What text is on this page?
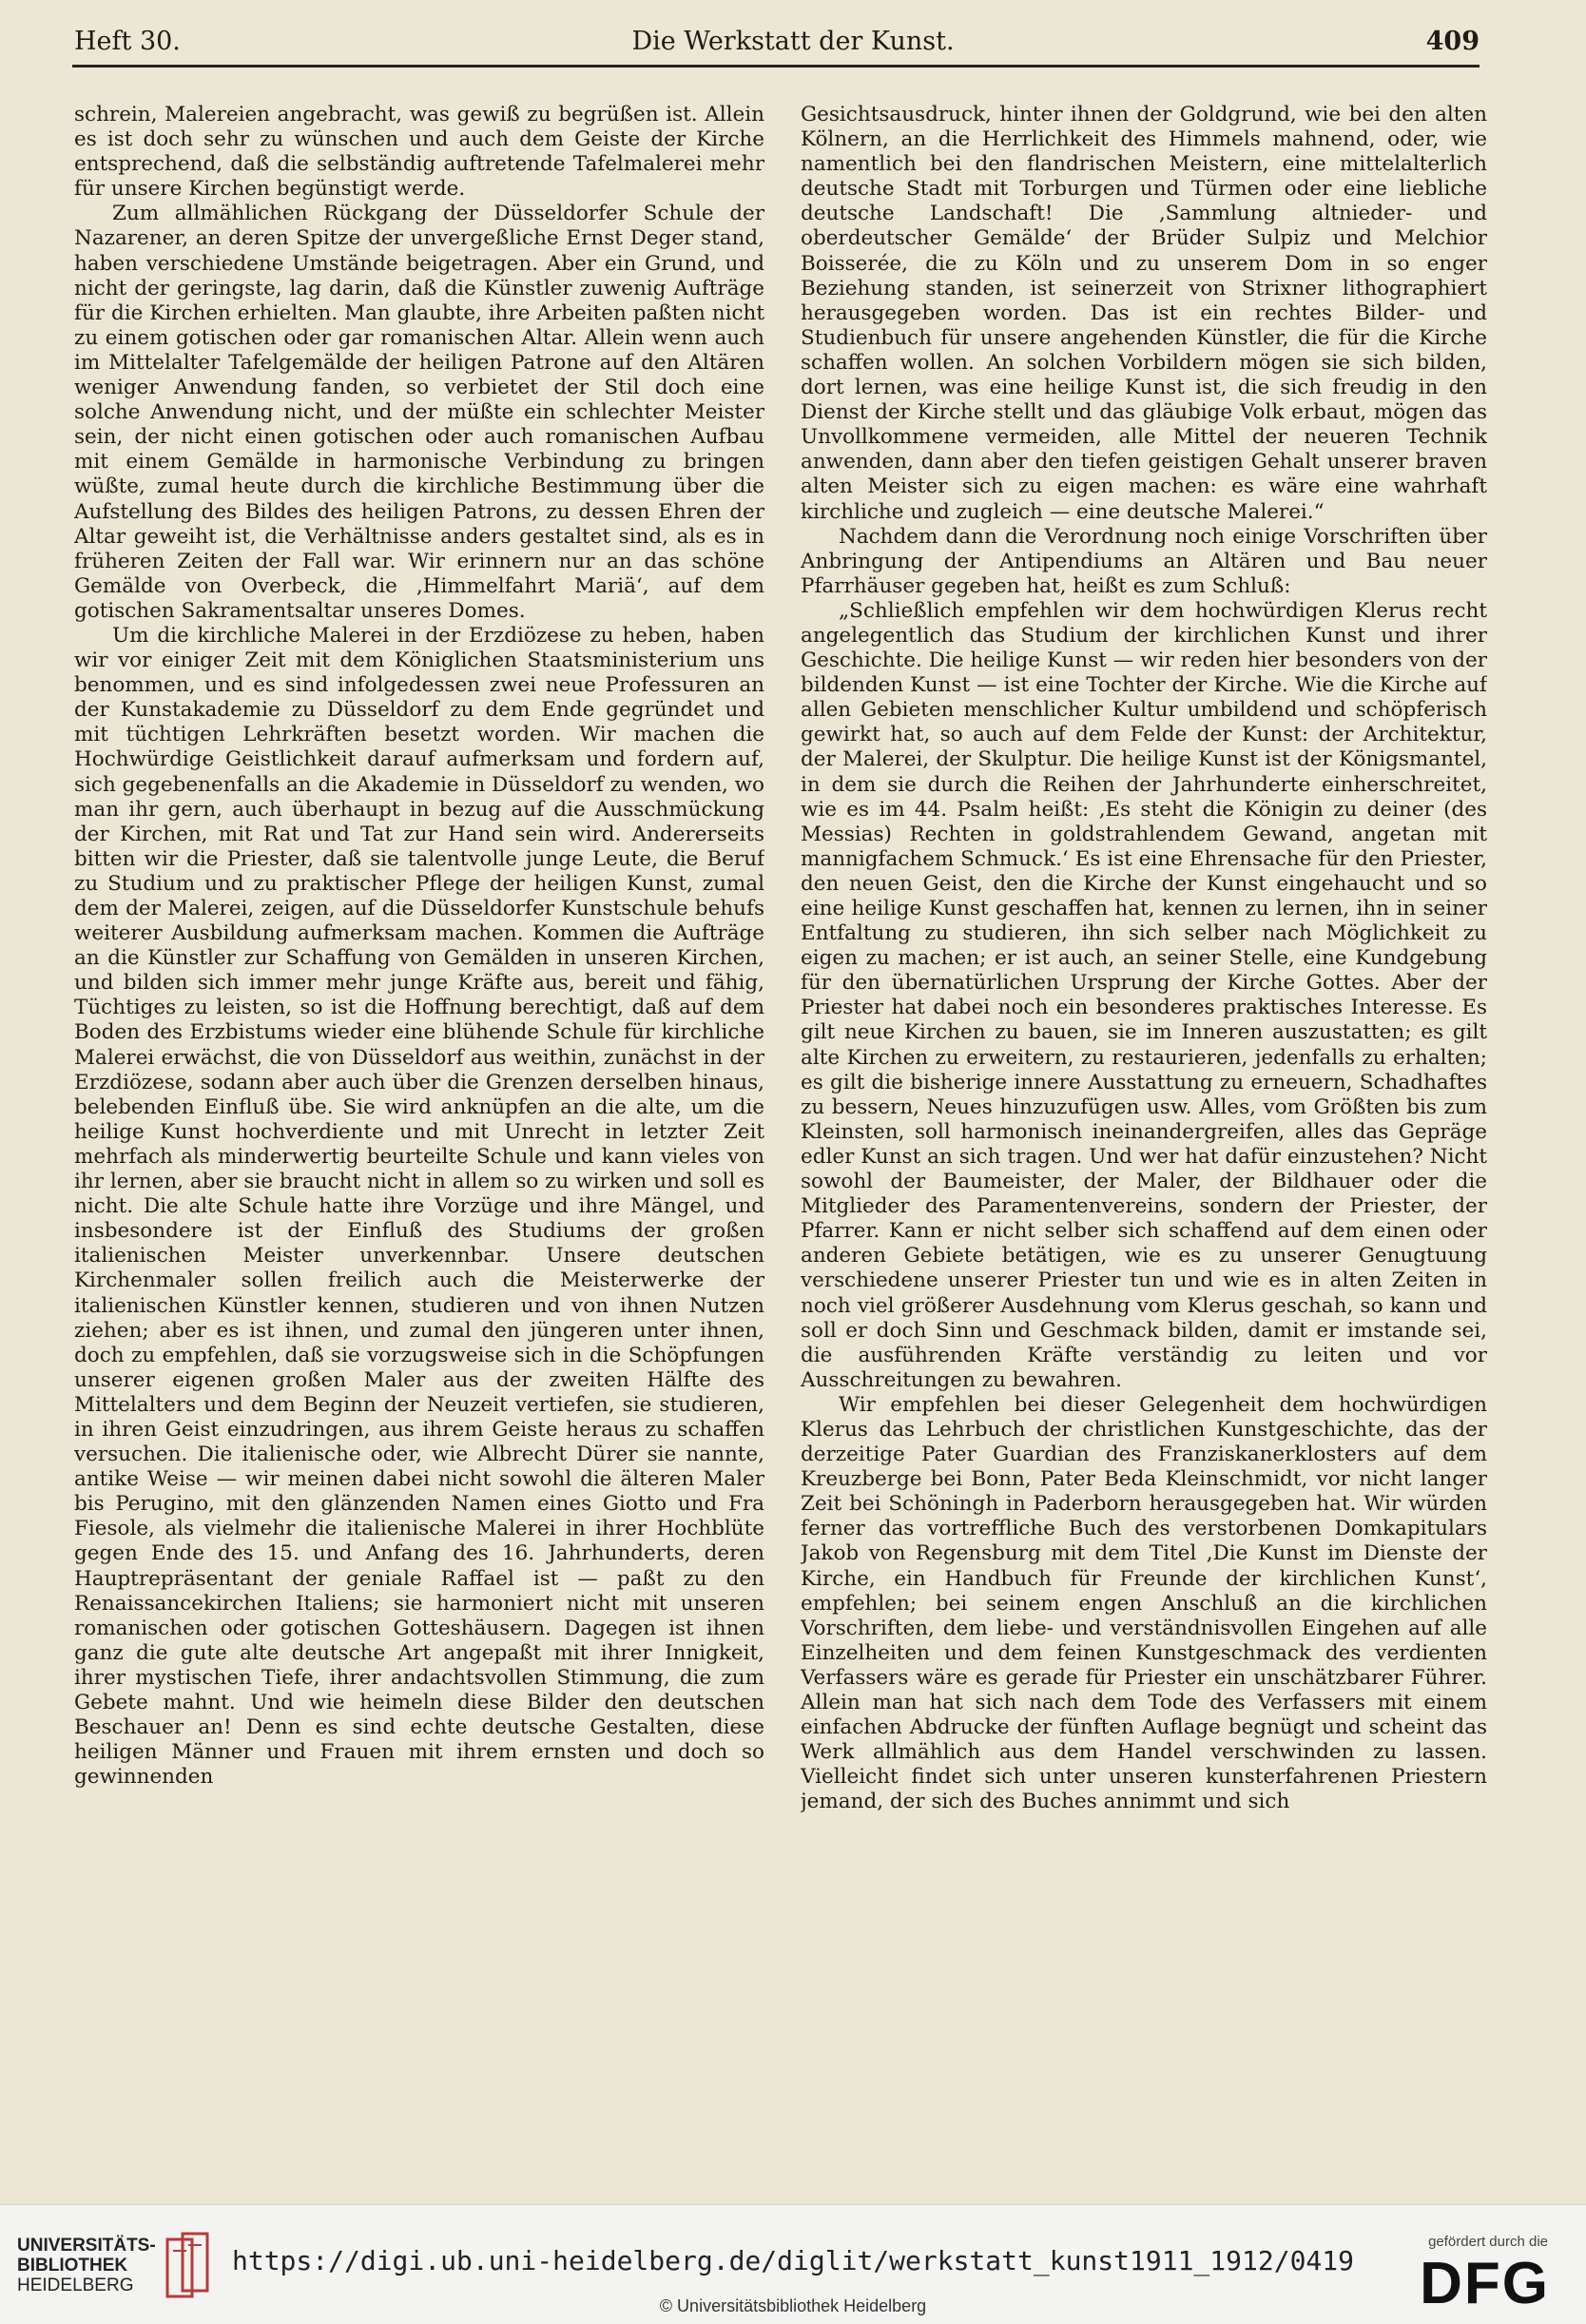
Heft 30.	Die Werkstatt der Kunst.	409

schrein, Malereien angebracht, was gewiß zu begrüßen ist. Allein es ist doch sehr zu wünschen und auch dem Geiste der Kirche entsprechend, daß die selbständig auftretende Tafelmalerei mehr für unsere Kirchen begünstigt werde.

Zum allmählichen Rückgang der Düsseldorfer Schule der Nazarener, an deren Spitze der unvergeßliche Ernst Deger stand, haben verschiedene Umstände beigetragen. Aber ein Grund, und nicht der geringste, lag darin, daß die Künstler zuwenig Aufträge für die Kirchen erhielten. Man glaubte, ihre Arbeiten paßten nicht zu einem gotischen oder gar romanischen Altar. Allein wenn auch im Mittelalter Tafelgemälde der heiligen Patrone auf den Altären weniger Anwendung fanden, so verbietet der Stil doch eine solche Anwendung nicht, und der müßte ein schlechter Meister sein, der nicht einen gotischen oder auch romanischen Aufbau mit einem Gemälde in harmonische Verbindung zu bringen wüßte, zumal heute durch die kirchliche Bestimmung über die Aufstellung des Bildes des heiligen Patrons, zu dessen Ehren der Altar geweiht ist, die Verhältnisse anders gestaltet sind, als es in früheren Zeiten der Fall war. Wir erinnern nur an das schöne Gemälde von Overbeck, die ‚Himmelfahrt Mariä‘, auf dem gotischen Sakramentsaltar unseres Domes.

Um die kirchliche Malerei in der Erzdiözese zu heben, haben wir vor einiger Zeit mit dem Königlichen Staatsministerium uns benommen, und es sind infolgedessen zwei neue Professuren an der Kunstakademie zu Düsseldorf zu dem Ende gegründet und mit tüchtigen Lehrkräften besetzt worden. Wir machen die Hochwürdige Geistlichkeit darauf aufmerksam und fordern auf, sich gegebenenfalls an die Akademie in Düsseldorf zu wenden, wo man ihr gern, auch überhaupt in bezug auf die Ausschmückung der Kirchen, mit Rat und Tat zur Hand sein wird. Andererseits bitten wir die Priester, daß sie talentvolle junge Leute, die Beruf zu Studium und zu praktischer Pflege der heiligen Kunst, zumal dem der Malerei, zeigen, auf die Düsseldorfer Kunstschule behufs weiterer Ausbildung aufmerksam machen. Kommen die Aufträge an die Künstler zur Schaffung von Gemälden in unseren Kirchen, und bilden sich immer mehr junge Kräfte aus, bereit und fähig, Tüchtiges zu leisten, so ist die Hoffnung berechtigt, daß auf dem Boden des Erzbistums wieder eine blühende Schule für kirchliche Malerei erwächst, die von Düsseldorf aus weithin, zunächst in der Erzdiözese, sodann aber auch über die Grenzen derselben hinaus, belebenden Einfluß übe. Sie wird anknüpfen an die alte, um die heilige Kunst hochverdiente und mit Unrecht in letzter Zeit mehrfach als minderwertig beurteilte Schule und kann vieles von ihr lernen, aber sie braucht nicht in allem so zu wirken und soll es nicht. Die alte Schule hatte ihre Vorzüge und ihre Mängel, und insbesondere ist der Einfluß des Studiums der großen italienischen Meister unverkennbar. Unsere deutschen Kirchenmaler sollen freilich auch die Meisterwerke der italienischen Künstler kennen, studieren und von ihnen Nutzen ziehen; aber es ist ihnen, und zumal den jüngeren unter ihnen, doch zu empfehlen, daß sie vorzugsweise sich in die Schöpfungen unserer eigenen großen Maler aus der zweiten Hälfte des Mittelalters und dem Beginn der Neuzeit vertiefen, sie studieren, in ihren Geist einzudringen, aus ihrem Geiste heraus zu schaffen versuchen. Die italienische oder, wie Albrecht Dürer sie nannte, antike Weise — wir meinen dabei nicht sowohl die älteren Maler bis Perugino, mit den glänzenden Namen eines Giotto und Fra Fiesole, als vielmehr die italienische Malerei in ihrer Hochblüte gegen Ende des 15. und Anfang des 16. Jahrhunderts, deren Hauptrepräsentant der geniale Raffael ist — paßt zu den Renaissancekirchen Italiens; sie harmoniert nicht mit unseren romanischen oder gotischen Gotteshäusern. Dagegen ist ihnen ganz die gute alte deutsche Art angepaßt mit ihrer Innigkeit, ihrer mystischen Tiefe, ihrer andachtsvollen Stimmung, die zum Gebete mahnt. Und wie heimeln diese Bilder den deutschen Beschauer an! Denn es sind echte deutsche Gestalten, diese heiligen Männer und Frauen mit ihrem ernsten und doch so gewinnenden

Gesichtsausdruck, hinter ihnen der Goldgrund, wie bei den alten Kölnern, an die Herrlichkeit des Himmels mahnend, oder, wie namentlich bei den flandrischen Meistern, eine mittelalterlich deutsche Stadt mit Torburgen und Türmen oder eine liebliche deutsche Landschaft! Die ‚Sammlung altnieder- und oberdeutscher Gemälde‘ der Brüder Sulpiz und Melchior Boisserée, die zu Köln und zu unserem Dom in so enger Beziehung standen, ist seinerzeit von Strixner lithographiert herausgegeben worden. Das ist ein rechtes Bilder- und Studienbuch für unsere angehenden Künstler, die für die Kirche schaffen wollen. An solchen Vorbildern mögen sie sich bilden, dort lernen, was eine heilige Kunst ist, die sich freudig in den Dienst der Kirche stellt und das gläubige Volk erbaut, mögen das Unvollkommene vermeiden, alle Mittel der neueren Technik anwenden, dann aber den tiefen geistigen Gehalt unserer braven alten Meister sich zu eigen machen: es wäre eine wahrhaft kirchliche und zugleich — eine deutsche Malerei.“

Nachdem dann die Verordnung noch einige Vorschriften über Anbringung der Antipendiums an Altären und Bau neuer Pfarrhäuser gegeben hat, heißt es zum Schluß:

„Schließlich empfehlen wir dem hochwürdigen Klerus recht angelegentlich das Studium der kirchlichen Kunst und ihrer Geschichte. Die heilige Kunst — wir reden hier besonders von der bildenden Kunst — ist eine Tochter der Kirche. Wie die Kirche auf allen Gebieten menschlicher Kultur umbildend und schöpferisch gewirkt hat, so auch auf dem Felde der Kunst: der Architektur, der Malerei, der Skulptur. Die heilige Kunst ist der Königsmantel, in dem sie durch die Reihen der Jahrhunderte einherschreitet, wie es im 44. Psalm heißt: ‚Es steht die Königin zu deiner (des Messias) Rechten in goldstrahlendem Gewand, angetan mit mannigfachem Schmuck.‘ Es ist eine Ehrensache für den Priester, den neuen Geist, den die Kirche der Kunst eingehaucht und so eine heilige Kunst geschaffen hat, kennen zu lernen, ihn in seiner Entfaltung zu studieren, ihn sich selber nach Möglichkeit zu eigen zu machen; er ist auch, an seiner Stelle, eine Kundgebung für den übernatürlichen Ursprung der Kirche Gottes. Aber der Priester hat dabei noch ein besonderes praktisches Interesse. Es gilt neue Kirchen zu bauen, sie im Inneren auszustatten; es gilt alte Kirchen zu erweitern, zu restaurieren, jedenfalls zu erhalten; es gilt die bisherige innere Ausstattung zu erneuern, Schadhaftes zu bessern, Neues hinzuzufügen usw. Alles, vom Größten bis zum Kleinsten, soll harmonisch ineinandergreifen, alles das Gepräge edler Kunst an sich tragen. Und wer hat dafür einzustehen? Nicht sowohl der Baumeister, der Maler, der Bildhauer oder die Mitglieder des Paramentenvereins, sondern der Priester, der Pfarrer. Kann er nicht selber sich schaffend auf dem einen oder anderen Gebiete betätigen, wie es zu unserer Genugtuung verschiedene unserer Priester tun und wie es in alten Zeiten in noch viel größerer Ausdehnung vom Klerus geschah, so kann und soll er doch Sinn und Geschmack bilden, damit er imstande sei, die ausführenden Kräfte verständig zu leiten und vor Ausschreitungen zu bewahren.

Wir empfehlen bei dieser Gelegenheit dem hochwürdigen Klerus das Lehrbuch der christlichen Kunstgeschichte, das der derzeitige Pater Guardian des Franziskanerklosters auf dem Kreuzberge bei Bonn, Pater Beda Kleinschmidt, vor nicht langer Zeit bei Schöningh in Paderborn herausgegeben hat. Wir würden ferner das vortreffliche Buch des verstorbenen Domkapitulars Jakob von Regensburg mit dem Titel ‚Die Kunst im Dienste der Kirche, ein Handbuch für Freunde der kirchlichen Kunst‘, empfehlen; bei seinem engen Anschluß an die kirchlichen Vorschriften, dem liebe- und verständnisvollen Eingehen auf alle Einzelheiten und dem feinen Kunstgeschmack des verdienten Verfassers wäre es gerade für Priester ein unschätzbarer Führer. Allein man hat sich nach dem Tode des Verfassers mit einem einfachen Abdrucke der fünften Auflage begnügt und scheint das Werk allmählich aus dem Handel verschwinden zu lassen. Vielleicht findet sich unter unseren kunsterfahrenen Priestern jemand, der sich des Buches annimmt und sich

UNIVERSITÄTS-
BIBLIOTHEK
HEIDELBERG
https://digi.ub.uni-heidelberg.de/diglit/werkstatt_kunst1911_1912/0419
© Universitätsbibliothek Heidelberg
gefördert durch die
DFG
